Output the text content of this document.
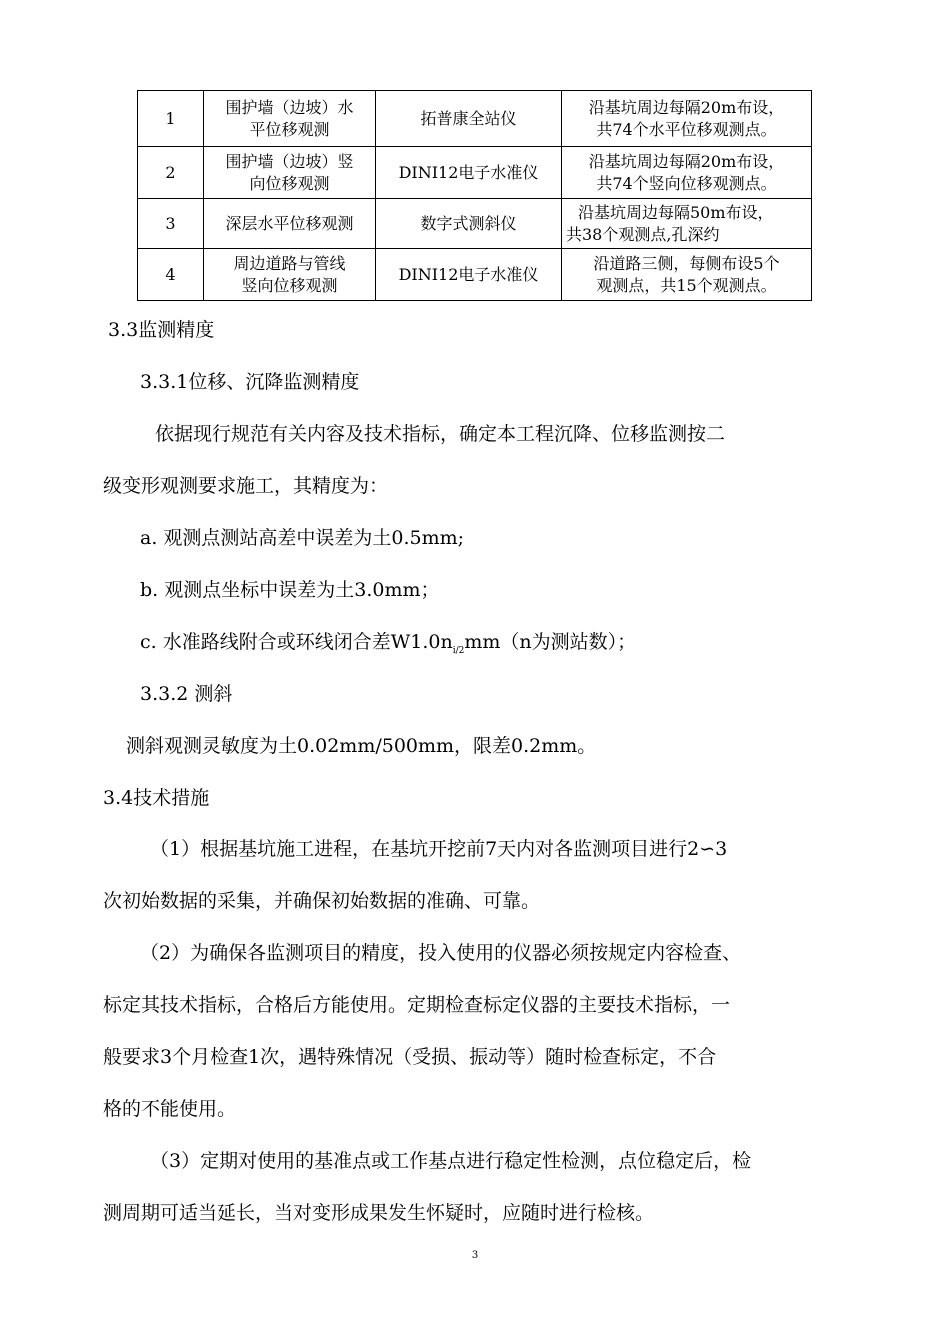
1	围护墙（边坡）水
平位移观测	拓普康全站仪	沿基坑周边每隔20m布设，
共74个水平位移观测点。
2	围护墙（边坡）竖
向位移观测	DINI12电子水准仪	沿基坑周边每隔20m布设，
共74个竖向位移观测点。
3	深层水平位移观测	数字式测斜仪	沿基坑周边每隔50m布设，
共38个观测点,孔深约
4	周边道路与管线
竖向位移观测	DINI12电子水准仪	沿道路三侧，每侧布设5个
观测点，共15个观测点。
3.3监测精度
3.3.1位移、沉降监测精度
依据现行规范有关内容及技术指标，确定本工程沉降、位移监测按二
级变形观测要求施工，其精度为：
a. 观测点测站高差中误差为土0.5mm;
b. 观测点坐标中误差为土3.0mm；
c. 水准路线附合或环线闭合差$W1.0n_{i/2}mm(n$为测站数）；
3.3.2 测斜
测斜观测灵敏度为土0.02mm/500mm，限差0.2mm。
3.4技术措施
（1）根据基坑施工进程，在基坑开挖前7天内对各监测项目进行2∽3
次初始数据的采集，并确保初始数据的准确、可靠。
（2）为确保各监测项目的精度，投入使用的仪器必须按规定内容检查、
标定其技术指标，合格后方能使用。定期检查标定仪器的主要技术指标，一
般要求3个月检查1次，遇特殊情况（受损、振动等）随时检查标定，不合
格的不能使用。
（3）定期对使用的基准点或工作基点进行稳定性检测，点位稳定后，检
测周期可适当延长，当对变形成果发生怀疑时，应随时进行检核。
3
